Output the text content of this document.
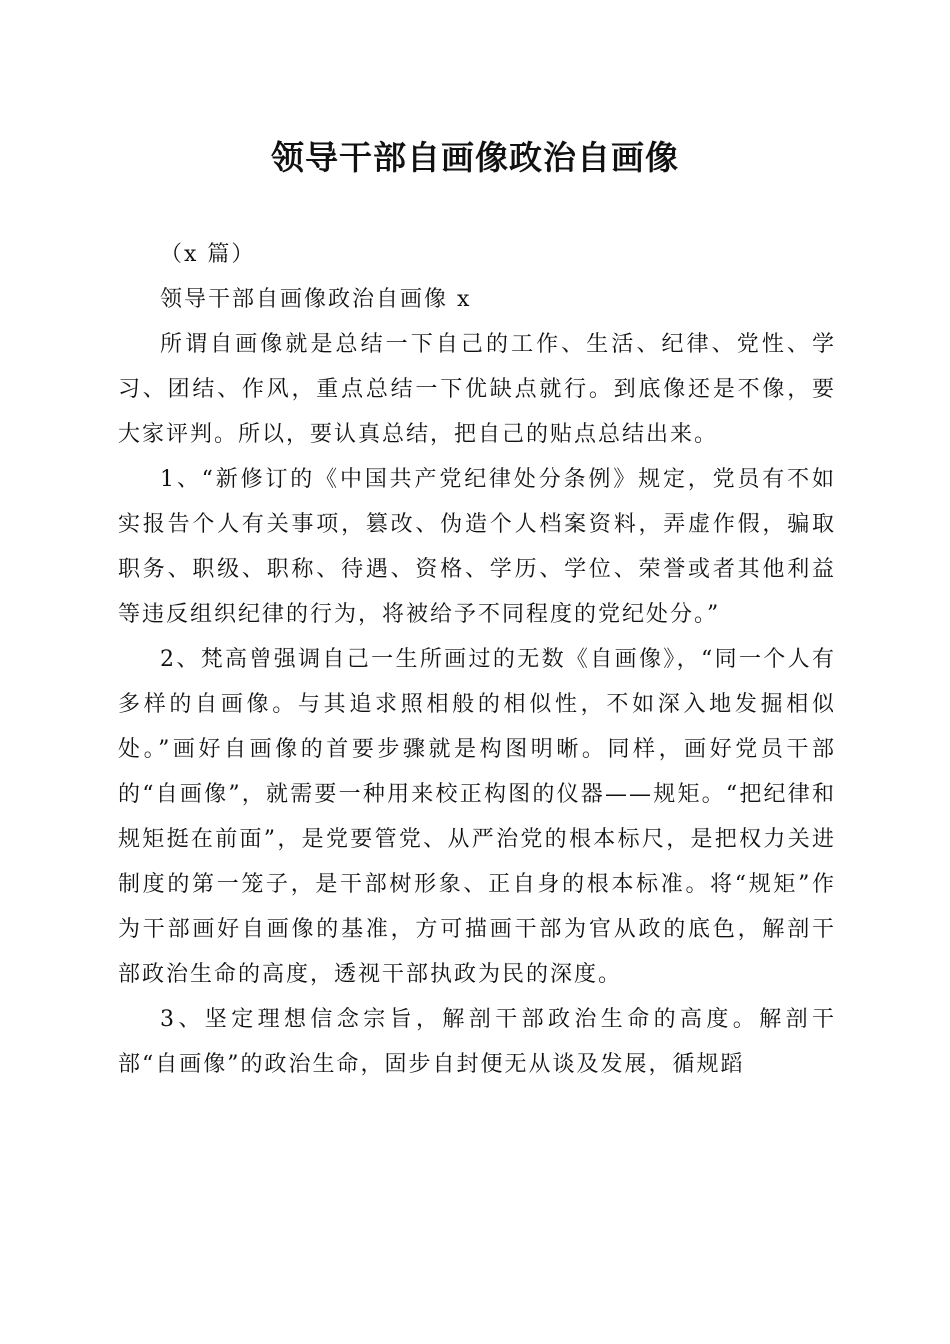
领导干部自画像政治自画像

（x 篇）

领导干部自画像政治自画像 x

所谓自画像就是总结一下自己的工作、生活、纪律、党性、学习、团结、作风，重点总结一下优缺点就行。到底像还是不像，要大家评判。所以，要认真总结，把自己的贴点总结出来。

1、“新修订的《中国共产党纪律处分条例》规定，党员有不如实报告个人有关事项，篡改、伪造个人档案资料，弄虚作假，骗取职务、职级、职称、待遇、资格、学历、学位、荣誉或者其他利益等违反组织纪律的行为，将被给予不同程度的党纪处分。”

2、梵高曾强调自己一生所画过的无数《自画像》，“同一个人有多样的自画像。与其追求照相般的相似性，不如深入地发掘相似处。”画好自画像的首要步骤就是构图明晰。同样，画好党员干部的“自画像”，就需要一种用来校正构图的仪器——规矩。“把纪律和规矩挺在前面”，是党要管党、从严治党的根本标尺，是把权力关进制度的第一笼子，是干部树形象、正自身的根本标准。将“规矩”作为干部画好自画像的基准，方可描画干部为官从政的底色，解剖干部政治生命的高度，透视干部执政为民的深度。

3、坚定理想信念宗旨，解剖干部政治生命的高度。解剖干部“自画像”的政治生命，固步自封便无从谈及发展，循规蹈
